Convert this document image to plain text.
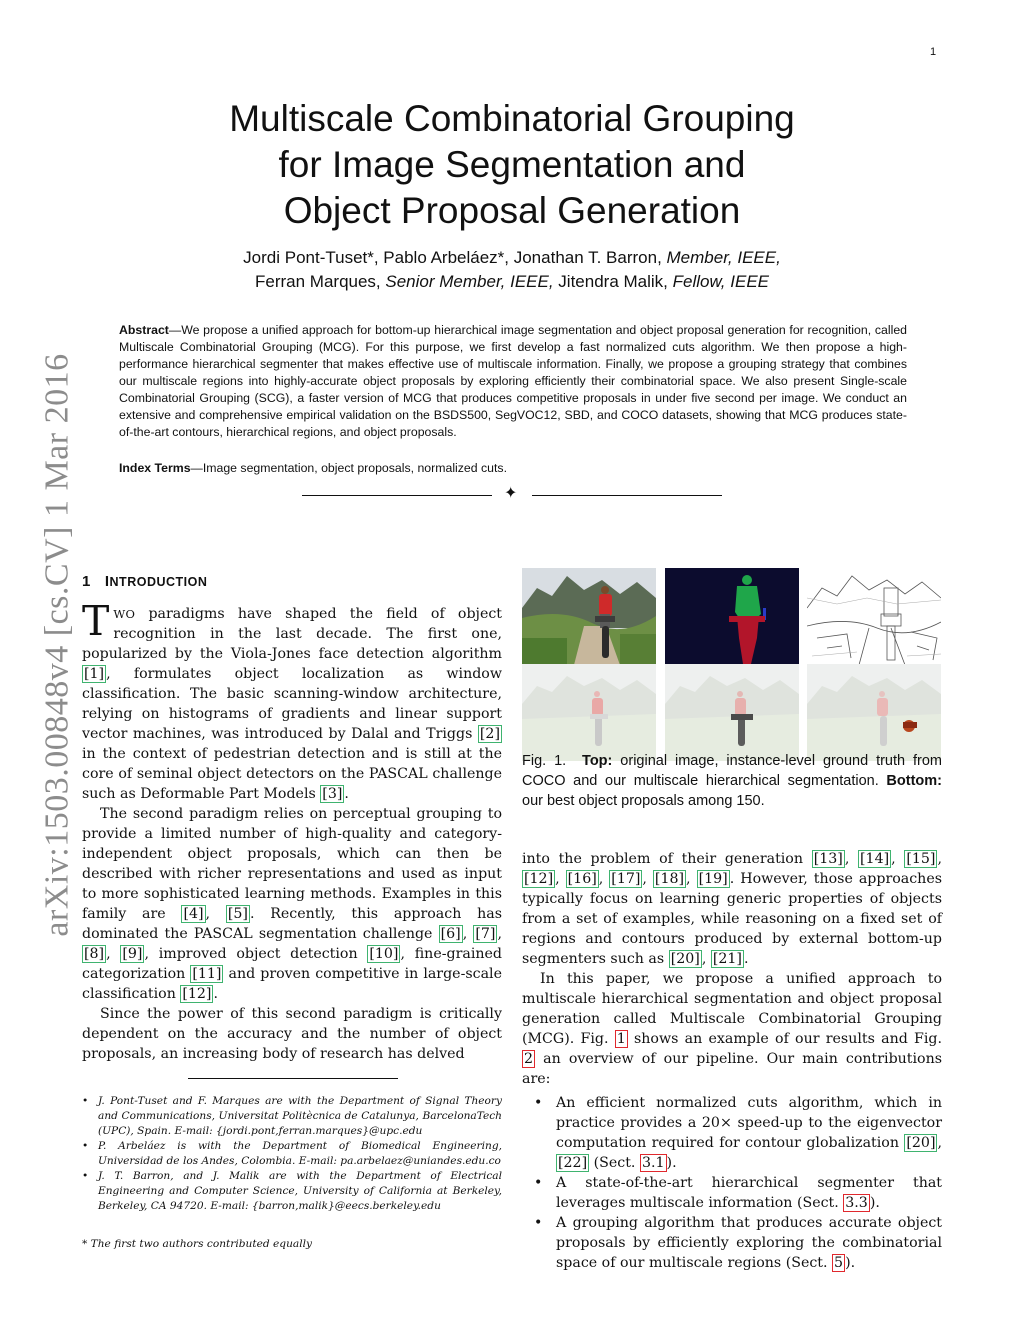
1
arXiv:1503.00848v4 [cs.CV] 1 Mar 2016
Multiscale Combinatorial Grouping
for Image Segmentation and
Object Proposal Generation
Jordi Pont-Tuset*, Pablo Arbeláez*, Jonathan T. Barron, Member, IEEE,
Ferran Marques, Senior Member, IEEE, Jitendra Malik, Fellow, IEEE
Abstract—We propose a unified approach for bottom-up hierarchical image segmentation and object proposal generation for recognition, called Multiscale Combinatorial Grouping (MCG). For this purpose, we first develop a fast normalized cuts algorithm. We then propose a high-performance hierarchical segmenter that makes effective use of multiscale information. Finally, we propose a grouping strategy that combines our multiscale regions into highly-accurate object proposals by exploring efficiently their combinatorial space. We also present Single-scale Combinatorial Grouping (SCG), a faster version of MCG that produces competitive proposals in under five second per image. We conduct an extensive and comprehensive empirical validation on the BSDS500, SegVOC12, SBD, and COCO datasets, showing that MCG produces state-of-the-art contours, hierarchical regions, and object proposals.
Index Terms—Image segmentation, object proposals, normalized cuts.
✦
1 INTRODUCTION

TWO paradigms have shaped the field of object recognition in the last decade. The first one, popularized by the Viola-Jones face detection algorithm [1] , formulates object localization as window classification. The basic scanning-window architecture, relying on histograms of gradients and linear support vector machines, was introduced by Dalal and Triggs [2] in the context of pedestrian detection and is still at the core of seminal object detectors on the PASCAL challenge such as Deformable Part Models [3] .

The second paradigm relies on perceptual grouping to provide a limited number of high-quality and category-independent object proposals, which can then be described with richer representations and used as input to more sophisticated learning methods. Examples in this family are [4] , [5] . Recently, this approach has dominated the PASCAL segmentation challenge [6] , [7] , [8] , [9] , improved object detection [10] , fine-grained categorization [11] and proven competitive in large-scale classification [12] .

Since the power of this second paradigm is critically dependent on the accuracy and the number of object proposals, an increasing body of research has delved

Fig. 1. Top: original image, instance-level ground truth from COCO and our multiscale hierarchical segmentation. Bottom: our best object proposals among 150.

into the problem of their generation [13] , [14] , [15] , [12] , [16] , [17] , [18] , [19] . However, those approaches typically focus on learning generic properties of objects from a set of examples, while reasoning on a fixed set of regions and contours produced by external bottom-up segmenters such as [20] , [21] .

In this paper, we propose a unified approach to multiscale hierarchical segmentation and object proposal generation called Multiscale Combinatorial Grouping (MCG). Fig. 1 shows an example of our results and Fig. 2 an overview of our pipeline. Our main contributions are:

• An efficient normalized cuts algorithm, which in practice provides a 20× speed-up to the eigenvector computation required for contour globalization [20] , [22] (Sect. 3.1 ).
• A state-of-the-art hierarchical segmenter that leverages multiscale information (Sect. 3.3 ).
• A grouping algorithm that produces accurate object proposals by efficiently exploring the combinatorial space of our multiscale regions (Sect. 5 ).
• J. Pont-Tuset and F. Marques are with the Department of Signal Theory and Communications, Universitat Politècnica de Catalunya, BarcelonaTech (UPC), Spain. E-mail: {jordi.pont,ferran.marques}@upc.edu
• P. Arbeláez is with the Department of Biomedical Engineering, Universidad de los Andes, Colombia. E-mail: pa.arbelaez@uniandes.edu.co
• J. T. Barron, and J. Malik are with the Department of Electrical Engineering and Computer Science, University of California at Berkeley, Berkeley, CA 94720. E-mail: {barron,malik}@eecs.berkeley.edu
* The first two authors contributed equally
